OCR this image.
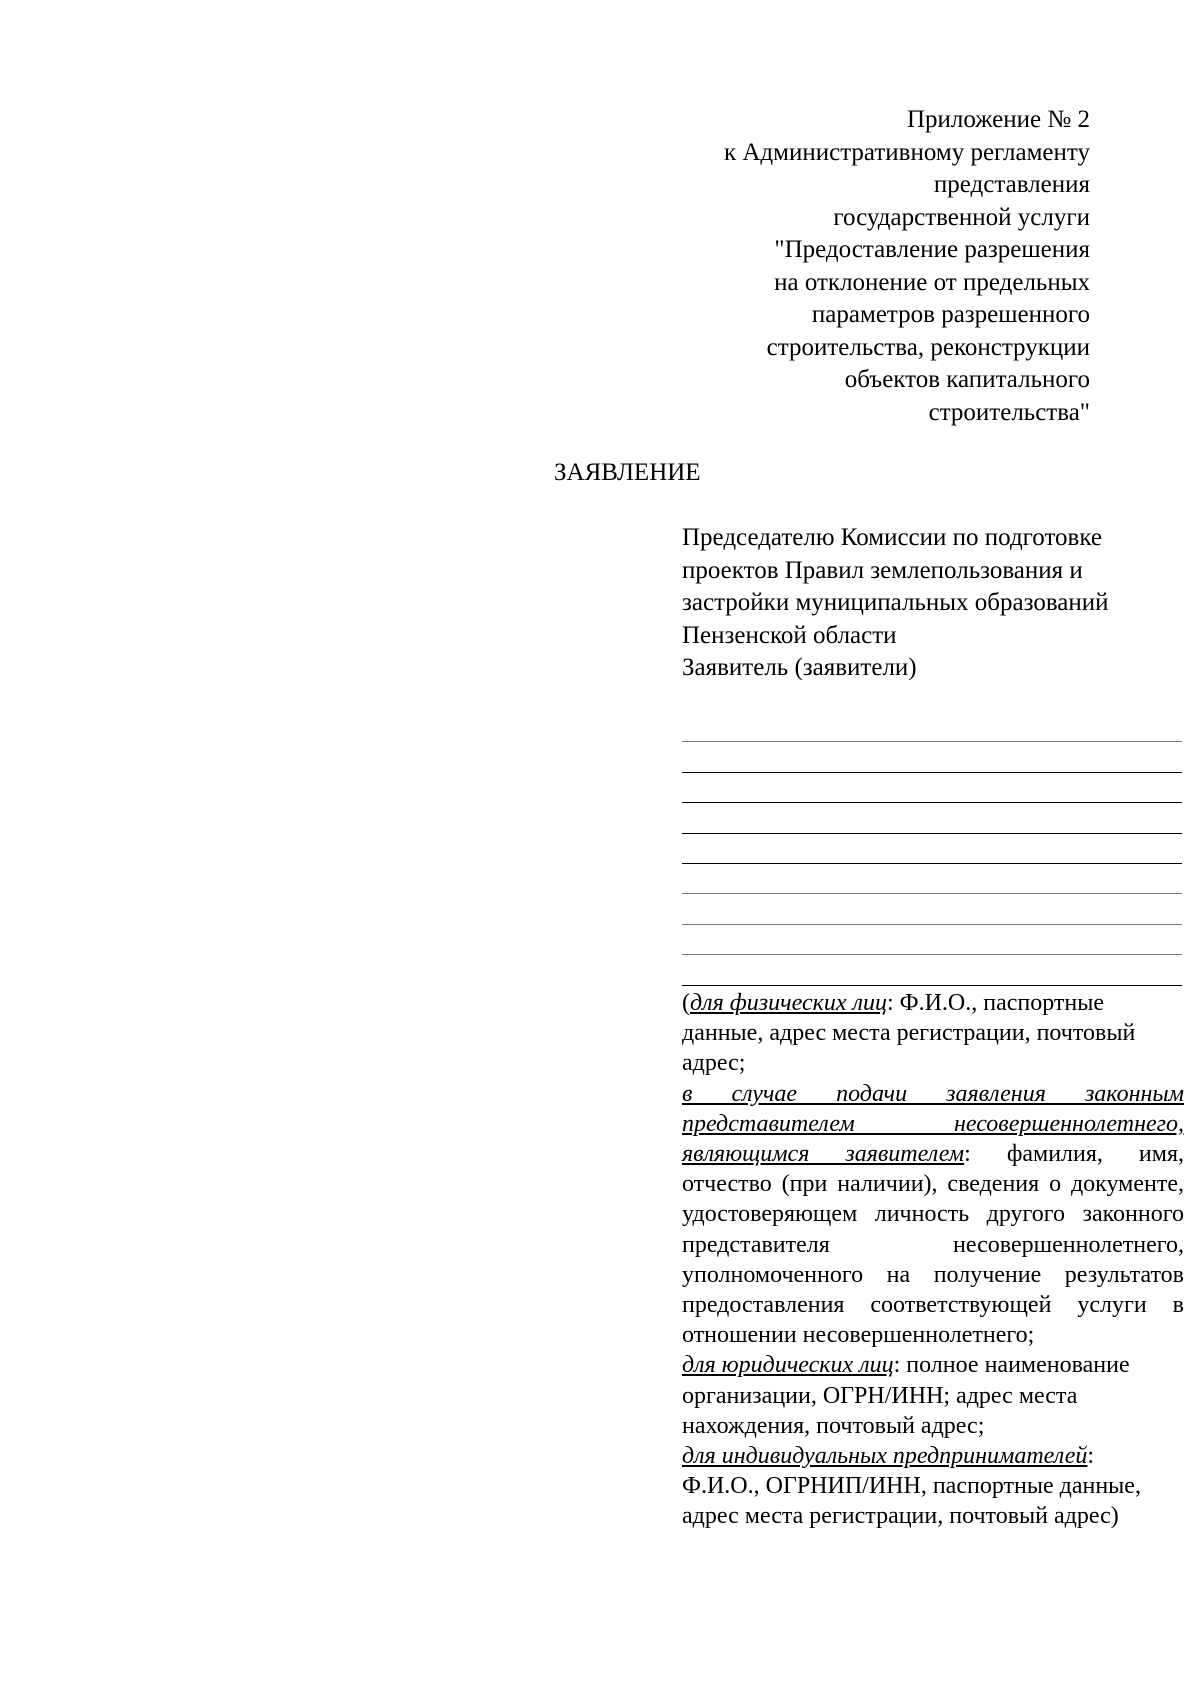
Приложение № 2
к Административному регламенту
представления
государственной услуги
"Предоставление разрешения
на отклонение от предельных
параметров разрешенного
строительства, реконструкции
объектов капитального
строительства"
ЗАЯВЛЕНИЕ
Председателю Комиссии по подготовке
проектов Правил землепользования и
застройки муниципальных образований
Пензенской области
Заявитель (заявители)

(для физических лиц: Ф.И.О., паспортные данные, адрес места регистрации, почтовый адрес;

в случае подачи заявления законным представителем несовершеннолетнего, являющимся заявителем: фамилия, имя, отчество (при наличии), сведения о документе, удостоверяющем личность другого законного представителя несовершеннолетнего, уполномоченного на получение результатов предоставления соответствующей услуги в отношении несовершеннолетнего;

для юридических лиц: полное наименование организации, ОГРН/ИНН; адрес места нахождения, почтовый адрес;

для индивидуальных предпринимателей:
Ф.И.О., ОГРНИП/ИНН, паспортные данные, адрес места регистрации, почтовый адрес)
